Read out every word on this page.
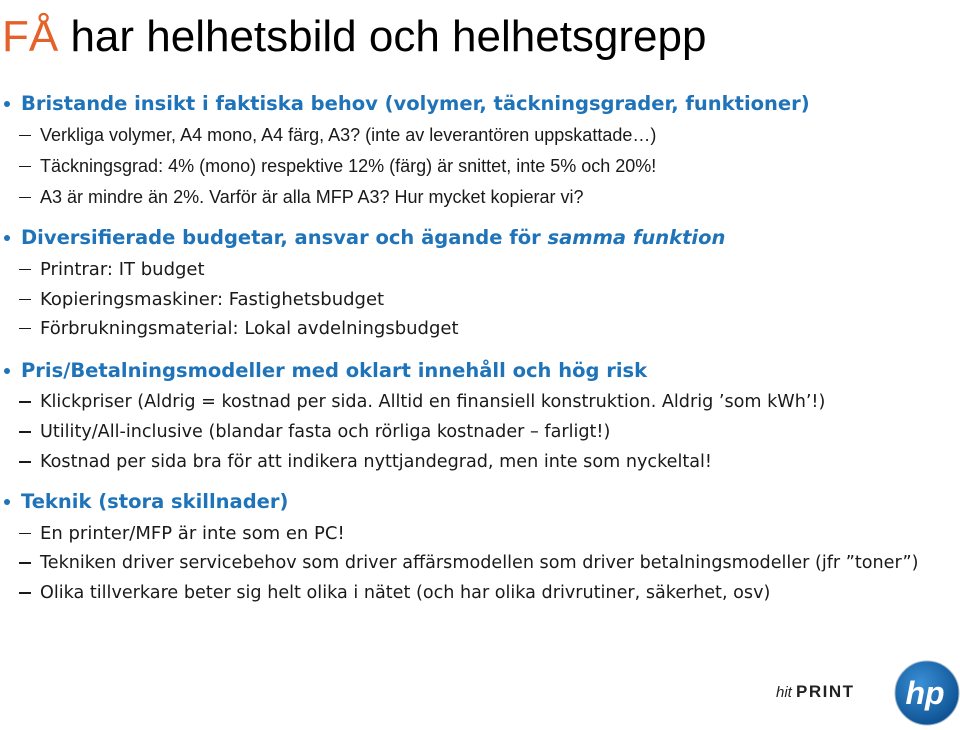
FÅ har helhetsbild och helhetsgrepp
Bristande insikt i faktiska behov (volymer, täckningsgrader, funktioner)
Verkliga volymer, A4 mono, A4 färg, A3? (inte av leverantören uppskattade…)
Täckningsgrad: 4% (mono) respektive 12% (färg) är snittet, inte 5% och 20%!
A3 är mindre än 2%. Varför är alla MFP A3? Hur mycket kopierar vi?
Diversifierade budgetar, ansvar och ägande för
samma funktion
Printrar: IT budget
Kopieringsmaskiner: Fastighetsbudget
Förbrukningsmaterial: Lokal avdelningsbudget
Pris/Betalningsmodeller med oklart innehåll och hög risk
Klickpriser (Aldrig = kostnad per sida. Alltid en finansiell konstruktion. Aldrig ’som kWh’!)
Utility/All-inclusive (blandar fasta och rörliga kostnader – farligt!)
Kostnad per sida bra för att indikera nyttjandegrad, men inte som nyckeltal!
Teknik (stora skillnader)
En printer/MFP är inte som en PC!
Tekniken driver servicebehov som driver affärsmodellen som driver betalningsmodeller (jfr ”toner”)
Olika tillverkare beter sig helt olika i nätet (och har olika drivrutiner, säkerhet, osv)
hit PRINT hp
